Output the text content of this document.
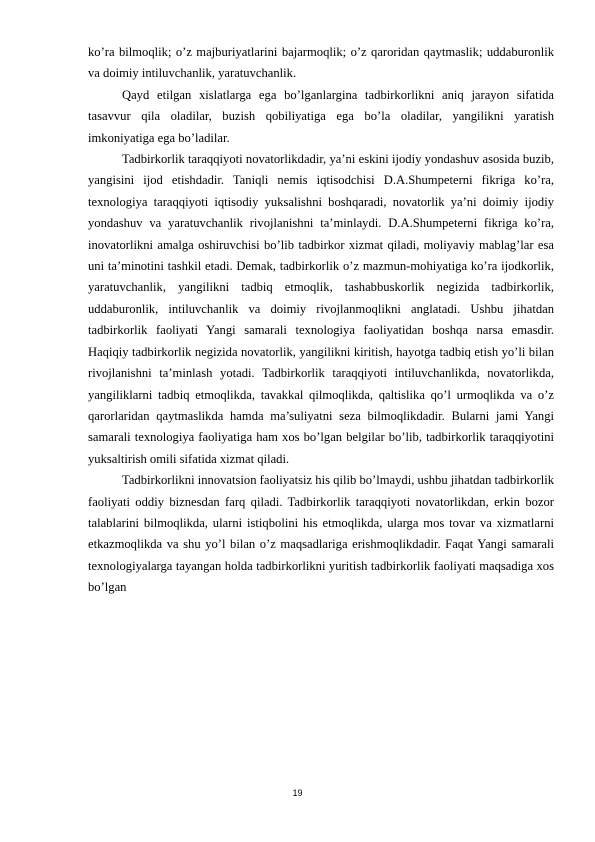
ko’ra bilmoqlik; o’z majburiyatlarini bajarmoqlik; o’z qaroridan qaytmaslik; uddaburonlik va doimiy intiluvchanlik, yaratuvchanlik.

Qayd etilgan xislatlarga ega bo’lganlargina tadbirkorlikni aniq jarayon sifatida tasavvur qila oladilar, buzish qobiliyatiga ega bo’la oladilar, yangilikni yaratish imkoniyatiga ega bo’ladilar.

Tadbirkorlik taraqqiyoti novatorlikdadir, ya’ni eskini ijodiy yondashuv asosida buzib, yangisini ijod etishdadir. Taniqli nemis iqtisodchisi D.A.Shumpeterni fikriga ko’ra, texnologiya taraqqiyoti iqtisodiy yuksalishni boshqaradi, novatorlik ya’ni doimiy ijodiy yondashuv va yaratuvchanlik rivojlanishni ta’minlaydi. D.A.Shumpeterni fikriga ko’ra, inovatorlikni amalga oshiruvchisi bo’lib tadbirkor xizmat qiladi, moliyaviy mablag’lar esa uni ta’minotini tashkil etadi. Demak, tadbirkorlik o’z mazmun-mohiyatiga ko’ra ijodkorlik, yaratuvchanlik, yangilikni tadbiq etmoqlik, tashabbuskorlik negizida tadbirkorlik, uddaburonlik, intiluvchanlik va doimiy rivojlanmoqlikni anglatadi. Ushbu jihatdan tadbirkorlik faoliyati Yangi samarali texnologiya faoliyatidan boshqa narsa emasdir. Haqiqiy tadbirkorlik negizida novatorlik, yangilikni kiritish, hayotga tadbiq etish yo’li bilan rivojlanishni ta’minlash yotadi. Tadbirkorlik taraqqiyoti intiluvchanlikda, novatorlikda, yangiliklarni tadbiq etmoqlikda, tavakkal qilmoqlikda, qaltislika qo’l urmoqlikda va o’z qarorlaridan qaytmaslikda hamda ma’suliyatni seza bilmoqlikdadir. Bularni jami Yangi samarali texnologiya faoliyatiga ham xos bo’lgan belgilar bo’lib, tadbirkorlik taraqqiyotini yuksaltirish omili sifatida xizmat qiladi.

Tadbirkorlikni innovatsion faoliyatsiz his qilib bo’lmaydi, ushbu jihatdan tadbirkorlik faoliyati oddiy biznesdan farq qiladi. Tadbirkorlik taraqqiyoti novatorlikdan, erkin bozor talablarini bilmoqlikda, ularni istiqbolini his etmoqlikda, ularga mos tovar va xizmatlarni etkazmoqlikda va shu yo’l bilan o’z maqsadlariga erishmoqlikdadir. Faqat Yangi samarali texnologiyalarga tayangan holda tadbirkorlikni yuritish tadbirkorlik faoliyati maqsadiga xos bo’lgan

19
